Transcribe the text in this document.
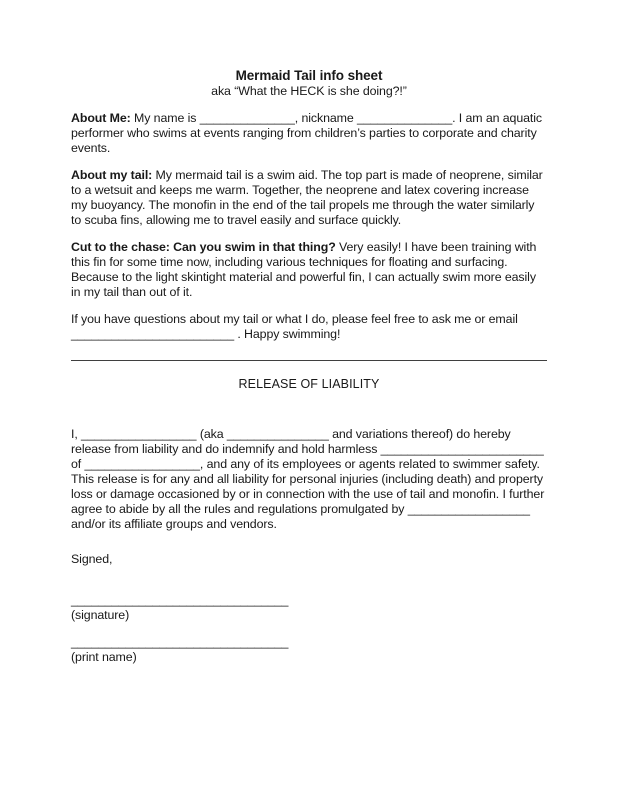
Mermaid Tail info sheet
aka “What the HECK is she doing?!”

About Me: My name is ______________, nickname ______________. I am an aquatic performer who swims at events ranging from children’s parties to corporate and charity events.

About my tail: My mermaid tail is a swim aid. The top part is made of neoprene, similar to a wetsuit and keeps me warm. Together, the neoprene and latex covering increase my buoyancy. The monofin in the end of the tail propels me through the water similarly to scuba fins, allowing me to travel easily and surface quickly.

Cut to the chase: Can you swim in that thing? Very easily! I have been training with this fin for some time now, including various techniques for floating and surfacing. Because to the light skintight material and powerful fin, I can actually swim more easily in my tail than out of it.

If you have questions about my tail or what I do, please feel free to ask me or email ________________________ . Happy swimming!

RELEASE OF LIABILITY

I, _________________ (aka _______________ and variations thereof) do hereby release from liability and do indemnify and hold harmless ________________________ of _________________, and any of its employees or agents related to swimmer safety. This release is for any and all liability for personal injuries (including death) and property loss or damage occasioned by or in connection with the use of tail and monofin. I further agree to abide by all the rules and regulations promulgated by __________________ and/or its affiliate groups and vendors.

Signed,

________________________________
(signature)
________________________________
(print name)
